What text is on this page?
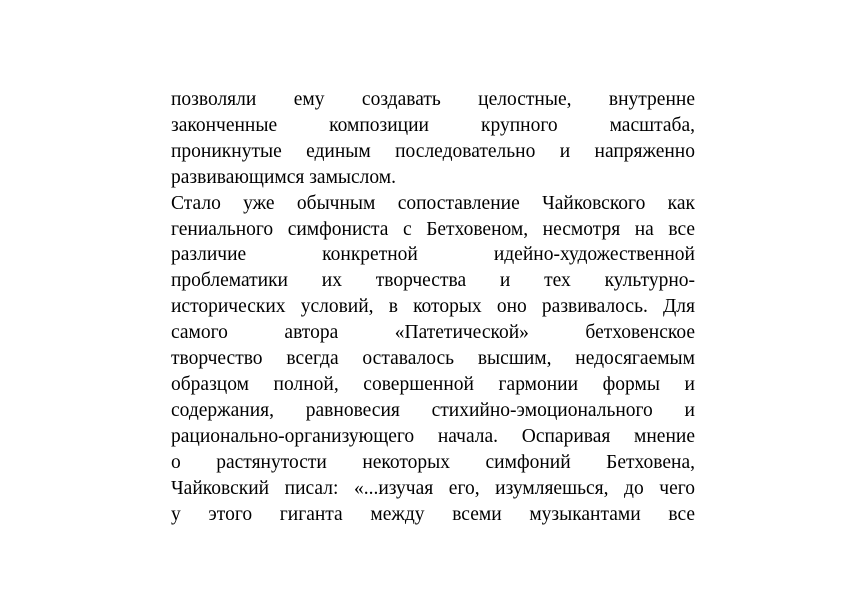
позволяли ему создавать целостные, внутренне
законченные композиции крупного масштаба,
проникнутые единым последовательно и напряженно
развивающимся замыслом.
Стало уже обычным сопоставление Чайковского как
гениального симфониста с Бетховеном, несмотря на все
различие конкретной идейно-художественной
проблематики их творчества и тех культурно-
исторических условий, в которых оно развивалось. Для
самого автора «Патетической» бетховенское
творчество всегда оставалось высшим, недосягаемым
образцом полной, совершенной гармонии формы и
содержания, равновесия стихийно-эмоционального и
рационально-организующего начала. Оспаривая мнение
о растянутости некоторых симфоний Бетховена,
Чайковский писал: «...изучая его, изумляешься, до чего
у этого гиганта между всеми музыкантами все
